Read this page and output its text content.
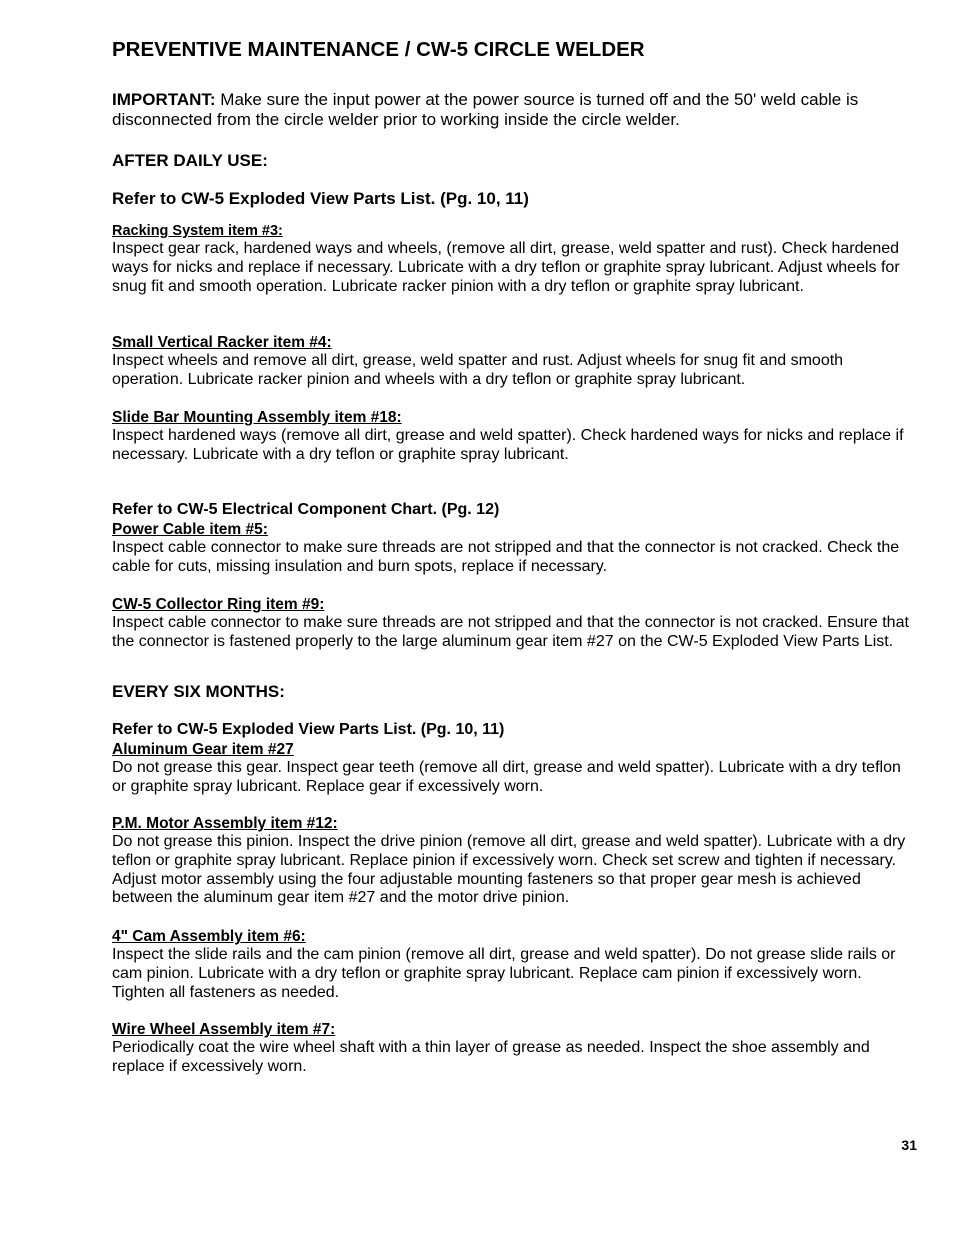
PREVENTIVE MAINTENANCE / CW-5 CIRCLE WELDER

IMPORTANT: Make sure the input power at the power source is turned off and the 50' weld cable is disconnected from the circle welder prior to working inside the circle welder.

AFTER DAILY USE:
Refer to CW-5 Exploded View Parts List. (Pg. 10, 11)
Racking System item #3:
Inspect gear rack, hardened ways and wheels, (remove all dirt, grease, weld spatter and rust). Check hardened ways for nicks and replace if necessary. Lubricate with a dry teflon or graphite spray lubricant. Adjust wheels for snug fit and smooth operation. Lubricate racker pinion with a dry teflon or graphite spray lubricant.
Small Vertical Racker item #4:
Inspect wheels and remove all dirt, grease, weld spatter and rust. Adjust wheels for snug fit and smooth operation. Lubricate racker pinion and wheels with a dry teflon or graphite spray lubricant.
Slide Bar Mounting Assembly item #18:
Inspect hardened ways (remove all dirt, grease and weld spatter). Check hardened ways for nicks and replace if necessary. Lubricate with a dry teflon or graphite spray lubricant.
Refer to CW-5 Electrical Component Chart. (Pg. 12)
Power Cable item #5:
Inspect cable connector to make sure threads are not stripped and that the connector is not cracked. Check the cable for cuts, missing insulation and burn spots, replace if necessary.
CW-5 Collector Ring item #9:
Inspect cable connector to make sure threads are not stripped and that the connector is not cracked. Ensure that the connector is fastened properly to the large aluminum gear item #27 on the CW-5 Exploded View Parts List.
EVERY SIX MONTHS:
Refer to CW-5 Exploded View Parts List. (Pg. 10, 11)
Aluminum Gear item #27
Do not grease this gear. Inspect gear teeth (remove all dirt, grease and weld spatter). Lubricate with a dry teflon or graphite spray lubricant. Replace gear if excessively worn.
P.M. Motor Assembly item #12:
Do not grease this pinion. Inspect the drive pinion (remove all dirt, grease and weld spatter). Lubricate with a dry teflon or graphite spray lubricant. Replace pinion if excessively worn. Check set screw and tighten if necessary. Adjust motor assembly using the four adjustable mounting fasteners so that proper gear mesh is achieved between the aluminum gear item #27 and the motor drive pinion.
4" Cam Assembly item #6:
Inspect the slide rails and the cam pinion (remove all dirt, grease and weld spatter). Do not grease slide rails or cam pinion. Lubricate with a dry teflon or graphite spray lubricant. Replace cam pinion if excessively worn. Tighten all fasteners as needed.
Wire Wheel Assembly item #7:
Periodically coat the wire wheel shaft with a thin layer of grease as needed. Inspect the shoe assembly and replace if excessively worn.

31
